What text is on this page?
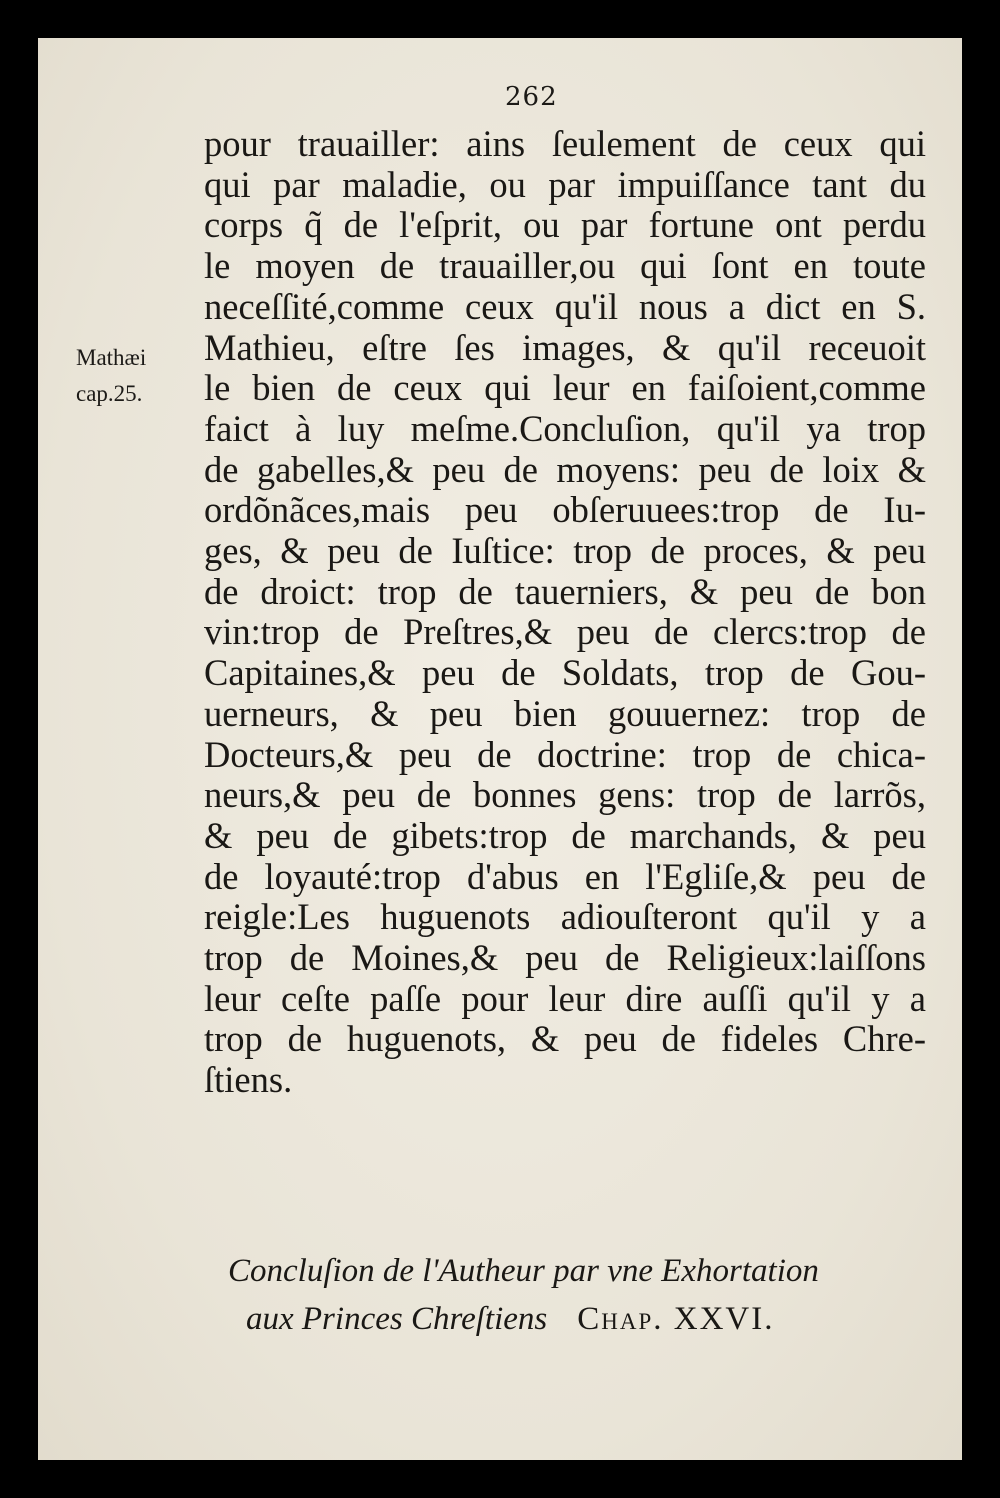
262
Mathæi
cap.25.
pour trauailler: ains ſeulement de ceux qui
qui par maladie, ou par impuiſſance tant du
corps q̃ de l'eſprit, ou par fortune ont perdu
le moyen de trauailler,ou qui ſont en toute
neceſſité,comme ceux qu'il nous a dict en S.
Mathieu, eſtre ſes images, & qu'il receuoit
le bien de ceux qui leur en faiſoient,comme
faict à luy meſme.Concluſion, qu'il ya trop
de gabelles,& peu de moyens: peu de loix &
ordõnãces,mais peu obſeruuees:trop de Iu-
ges, & peu de Iuſtice: trop de proces, & peu
de droict: trop de tauerniers, & peu de bon
vin:trop de Preſtres,& peu de clercs:trop de
Capitaines,& peu de Soldats, trop de Gou-
uerneurs, & peu bien gouuernez: trop de
Docteurs,& peu de doctrine: trop de chica-
neurs,& peu de bonnes gens: trop de larrõs,
& peu de gibets:trop de marchands, & peu
de loyauté:trop d'abus en l'Egliſe,& peu de
reigle:Les huguenots adiouſteront qu'il y a
trop de Moines,& peu de Religieux:laiſſons
leur ceſte paſſe pour leur dire auſſi qu'il y a
trop de huguenots, & peu de fideles Chre-
ſtiens.
Concluſion de l'Autheur par vne Exhortation
aux Princes Chreſtiens Chap. XXVI.
